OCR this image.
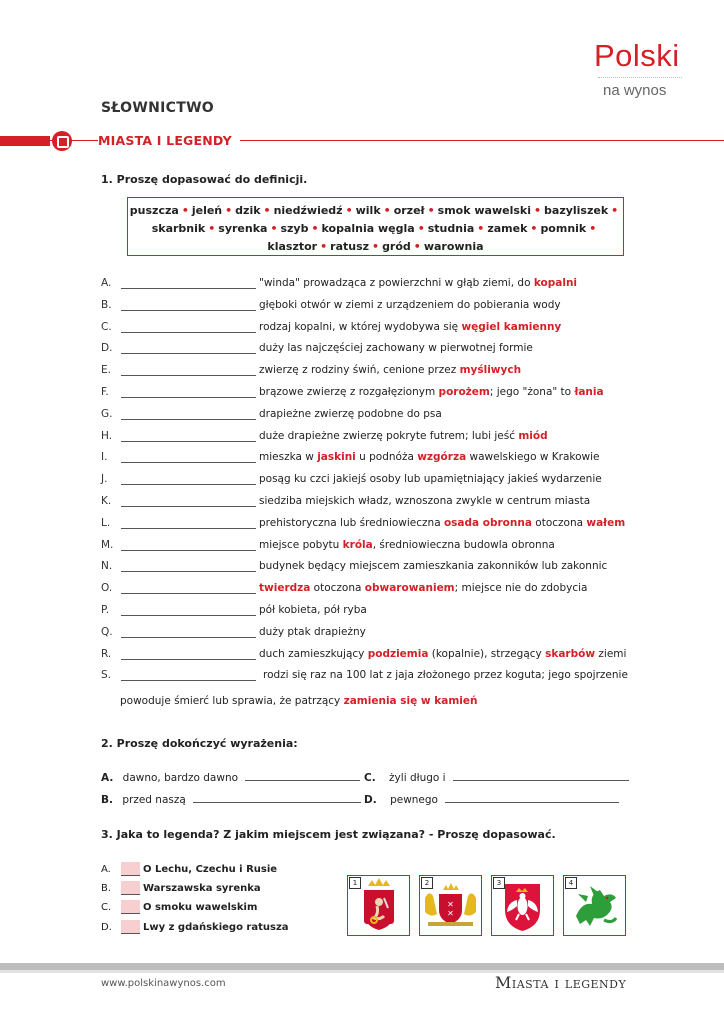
Polski
na wynos
SŁOWNICTWO
MIASTA I LEGENDY
1. Proszę dopasować do definicji.
puszcza • jeleń • dzik • niedźwiedź • wilk • orzeł • smok wawelski • bazyliszek •
skarbnik • syrenka • szyb • kopalnia węgla • studnia • zamek • pomnik •
klasztor • ratusz • gród • warownia
A.	"winda" prowadząca z powierzchni w głąb ziemi, do kopalni
B.	głęboki otwór w ziemi z urządzeniem do pobierania wody
C.	rodzaj kopalni, w której wydobywa się węgiel kamienny
D.	duży las najczęściej zachowany w pierwotnej formie
E.	zwierzę z rodziny świń, cenione przez myśliwych
F.	brązowe zwierzę z rozgałęzionym porożem; jego "żona" to łania
G.	drapieżne zwierzę podobne do psa
H.	duże drapieżne zwierzę pokryte futrem; lubi jeść miód
I.	mieszka w jaskini u podnóża wzgórza wawelskiego w Krakowie
J.	posąg ku czci jakiejś osoby lub upamiętniający jakieś wydarzenie
K.	siedziba miejskich władz, wznoszona zwykle w centrum miasta
L.	prehistoryczna lub średniowieczna osada obronna otoczona wałem
M.	miejsce pobytu króla, średniowieczna budowla obronna
N.	budynek będący miejscem zamieszkania zakonników lub zakonnic
O.	twierdza otoczona obwarowaniem; miejsce nie do zdobycia
P.	pół kobieta, pół ryba
Q.	duży ptak drapieżny
R.	duch zamieszkujący podziemia (kopalnie), strzegący skarbów ziemi
S.	rodzi się raz na 100 lat z jaja złożonego przez koguta; jego spojrzenie
powoduje śmierć lub sprawia, że patrzący zamienia się w kamień
2. Proszę dokończyć wyrażenia:
A. dawno, bardzo dawno	C. żyli długo i
B. przed naszą	D. pewnego
3. Jaka to legenda? Z jakim miejscem jest związana? - Proszę dopasować.
A.	O Lechu, Czechu i Rusie
B.	Warszawska syrenka
C.	O smoku wawelskim
D.	Lwy z gdańskiego ratusza
1
✕
✕
2	3	4
www.polskinawynos.com	Miasta i legendy
